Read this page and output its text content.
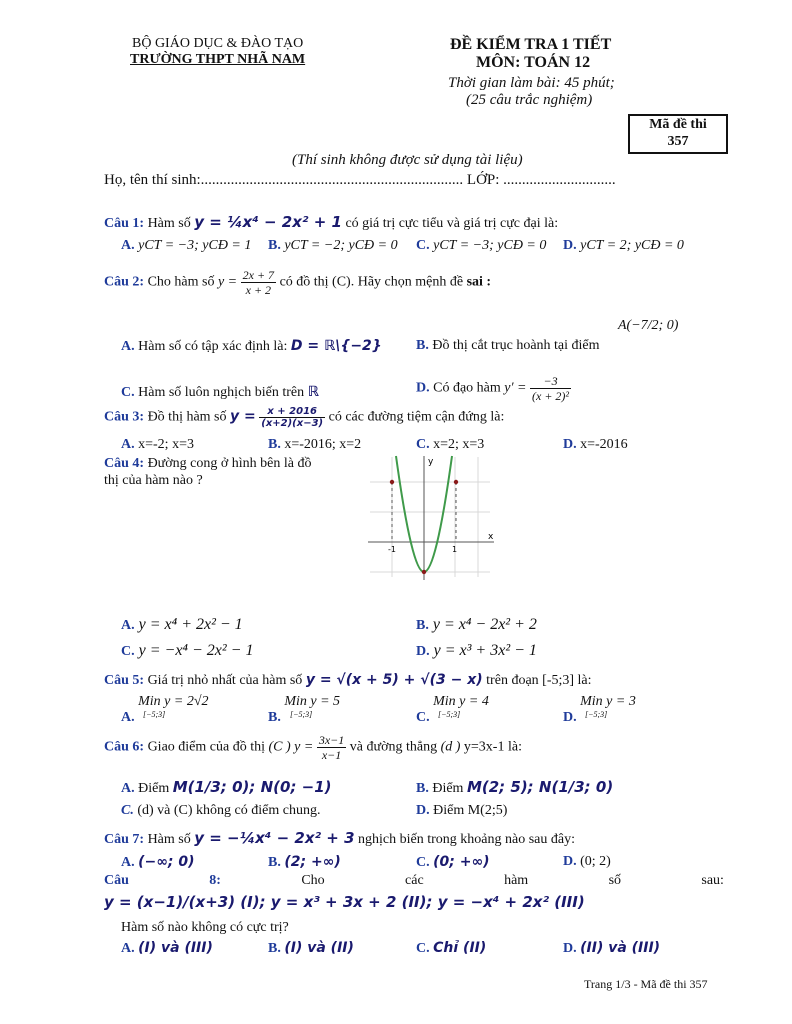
BỘ GIÁO DỤC & ĐÀO TẠO
TRƯỜNG THPT NHÃ NAM
ĐỀ KIỂM TRA 1 TIẾT
MÔN: TOÁN 12
Thời gian làm bài: 45 phút;
(25 câu trắc nghiệm)
Mã đề thi
357
(Thí sinh không được sử dụng tài liệu)
Họ, tên thí sinh:...................................................................... LỚP: ..............................
Câu 1: Hàm số y = ¼x⁴ − 2x² + 1 có giá trị cực tiểu và giá trị cực đại là:
A. yCT = −3; yCĐ = 1 B. yCT = −2; yCĐ = 0 C. yCT = −3; yCĐ = 0 D. yCT = 2; yCĐ = 0
Câu 2: Cho hàm số $y = \frac{2x + 7}{x + 2}$ có đồ thị (C). Hãy chọn mệnh đề sai :
A. Hàm số có tập xác định là: D = ℝ\{−2} B. Đồ thị cắt trục hoành tại điểm
A(−7/2; 0)
C. Hàm số luôn nghịch biến trên ℝ	D. Có đạo hàm $y' = \frac{-3}{\text{(x + 2)²}}$
Câu 3: Đồ thị hàm số $y = \frac{x + 2016}{(x+2)(x-3)}$ có các đường tiệm cận đứng là:
A. x=-2; x=3	B. x=-2016; x=2	C. x=2; x=3	D. x=-2016
Câu 4: Đường cong ở hình bên là đồ
thị của hàm nào ?
y
x
-1	1
A. y = x⁴ + 2x² − 1	B. y = x⁴ − 2x² + 2
C. y = −x⁴ − 2x² − 1	D. y = x³ + 3x² − 1
Câu 5: Giá trị nhỏ nhất của hàm số y = √(x + 5) + √(3 − x) trên đoạn [-5;3] là:
A. Min y = 2√2
[−5;3]	B. Min y = 5
[−5;3]	C. Min y = 4
[−5;3]	D. Min y = 3
[−5;3]
Câu 6: Giao điểm của đồ thị (C ) $y = \frac{3x-1}{x-1}$ và đường thẳng (d ) y=3x-1 là:
A. Điểm M(1/3; 0); N(0; −1)	B. Điểm M(2; 5); N(1/3; 0)
C. (d) và (C) không có điểm chung.	D. Điểm M(2;5)
Câu 7: Hàm số y = −¼x⁴ − 2x² + 3 nghịch biến trong khoảng nào sau đây:
A. (−∞; 0)	B. (2; +∞)	C. (0; +∞)	D. (0; 2)
Câu	8:	Cho	các	hàm	số	sau:
y = (x−1)/(x+3) (I); y = x³ + 3x + 2 (II); y = −x⁴ + 2x² (III)
Hàm số nào không có cực trị?
A. (I) và (III)	B. (I) và (II)	C. Chỉ (II)	D. (II) và (III)
Trang 1/3 - Mã đề thi 357
